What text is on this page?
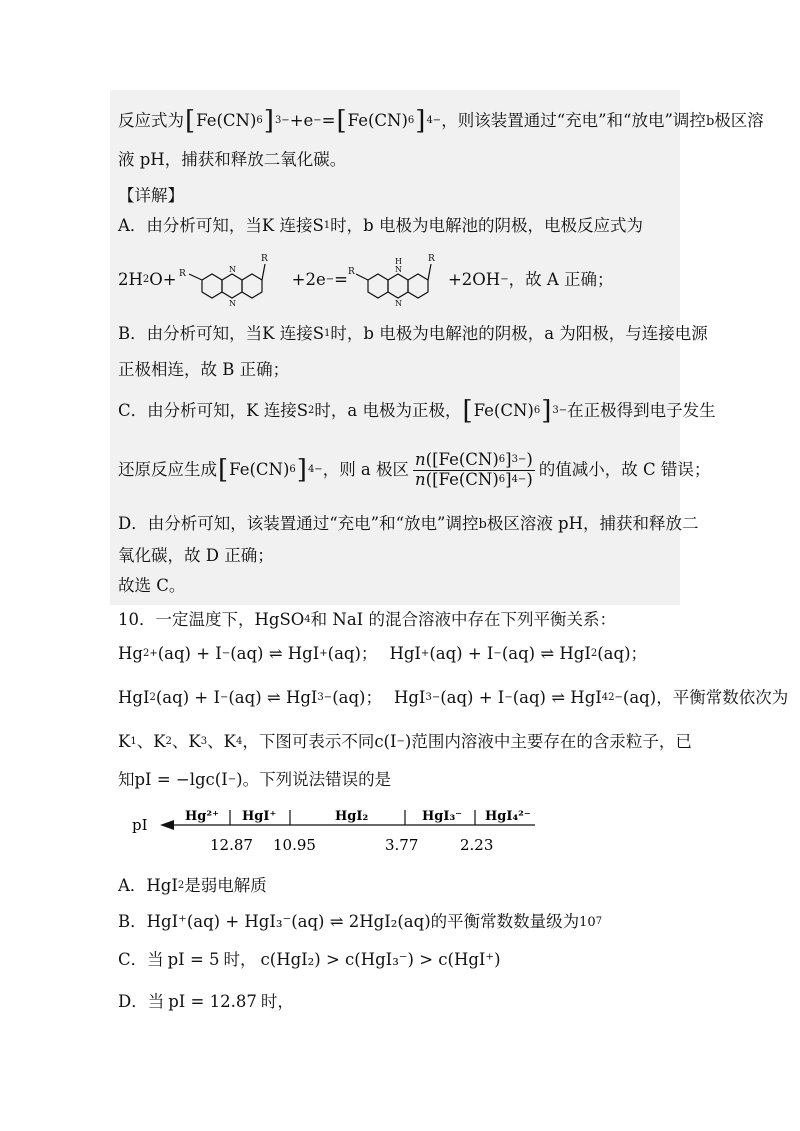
反应式为 [ Fe(CN) 6 ] 3− +e − = [ Fe(CN) 6 ] 4− ，则该装置通过“充电”和“放电”调控 b 极区溶
液 pH，捕获和释放二氧化碳。
【详解】
A．由分析可知，当K 连接S 1 时，b 电极为电解池的阴极，电极反应式为
2H 2 O+ R
R
N
N
+2e − = R
R
H
N
N
+2OH − ，故 A 正确；
B．由分析可知，当K 连接S 1 时，b 电极为电解池的阴极，a 为阳极，与连接电源
正极相连，故 B 正确；
C．由分析可知，K 连接S 2 时，a 电极为正极， [ Fe(CN) 6 ] 3− 在正极得到电子发生
还原反应生成 [ Fe(CN) 6 ] 4− ，则 a 极区 $\frac{n ([ Fe(CN) 6 ] 3- )}{n ([ Fe(CN) 6 ] 4- )}$ 的值减小，故 C 错误；
D．由分析可知，该装置通过“充电”和“放电”调控 b 极区溶液 pH，捕获和释放二
氧化碳，故 D 正确；
故选 C。
10．一定温度下，HgSO 4 和 NaI 的混合溶液中存在下列平衡关系：
Hg 2+ (aq) + I − (aq) ⇌ HgI + (aq)； HgI + (aq) + I − (aq) ⇌ HgI 2 (aq)；
HgI 2 (aq) + I − (aq) ⇌ HgI 3 − (aq)； HgI 3 − (aq) + I − (aq) ⇌ HgI 4 2− (aq) ，平衡常数依次为
K 1 、K 2 、K 3 、K 4 ，下图可表示不同 c(I − ) 范围内溶液中主要存在的含汞粒子，已
知 pI = −lgc(I − ) 。下列说法错误的是
pI	Hg²⁺ HgI⁺	HgI₂	HgI₃⁻ HgI₄²⁻
12.87 10.95	3.77	2.23
A．HgI 2 是弱电解质
B． HgI⁺(aq) + HgI₃⁻(aq) ⇌ 2HgI₂(aq) 的平衡常数数量级为 10 7
C．当 pI = 5 时， c(HgI₂) > c(HgI₃⁻) > c(HgI⁺)
D．当 pI = 12.87 时，
